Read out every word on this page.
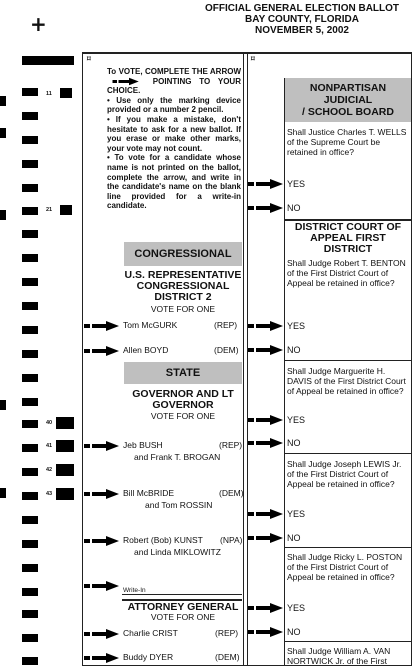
+
OFFICIAL GENERAL ELECTION BALLOT
BAY COUNTY, FLORIDA
NOVEMBER 5, 2002
⌑	⌑
11
21
40
41
42
43

To VOTE, COMPLETE THE ARROW  POINTING TO YOUR CHOICE.

• Use only the marking device provided or a number 2 pencil.

• If you make a mistake, don't hesitate to ask for a new ballot. If you erase or make other marks, your vote may not count.

• To vote for a candidate whose name is not printed on the ballot, complete the arrow, and write in the candidate's name on the blank line provided for a write-in candidate.

CONGRESSIONAL
U.S. REPRESENTATIVE
CONGRESSIONAL
DISTRICT 2
VOTE FOR ONE
Tom McGURK	(REP)
Allen BOYD	(DEM)
STATE
GOVERNOR AND LT
GOVERNOR
VOTE FOR ONE
Jeb BUSH
and Frank T. BROGAN
(REP)
Bill McBRIDE
and Tom ROSSIN
(DEM)
Robert (Bob) KUNST
and Linda MIKLOWITZ
(NPA)
Write-In
ATTORNEY GENERAL
VOTE FOR ONE
Charlie CRIST	(REP)
Buddy DYER	(DEM)
NONPARTISAN JUDICIAL
/ SCHOOL BOARD
Shall Justice Charles T. WELLS of the Supreme Court be retained in office?
YES
NO
DISTRICT COURT OF
APPEAL FIRST DISTRICT
Shall Judge Robert T. BENTON of the First District Court of Appeal be retained in office?
YES
NO
Shall Judge Marguerite H. DAVIS of the First District Court of Appeal be retained in office?
YES
NO
Shall Judge Joseph LEWIS Jr. of the First District Court of Appeal be retained in office?
YES
NO
Shall Judge Ricky L. POSTON of the First District Court of Appeal be retained in office?
YES
NO
Shall Judge William A. VAN
NORTWICK Jr. of the First
